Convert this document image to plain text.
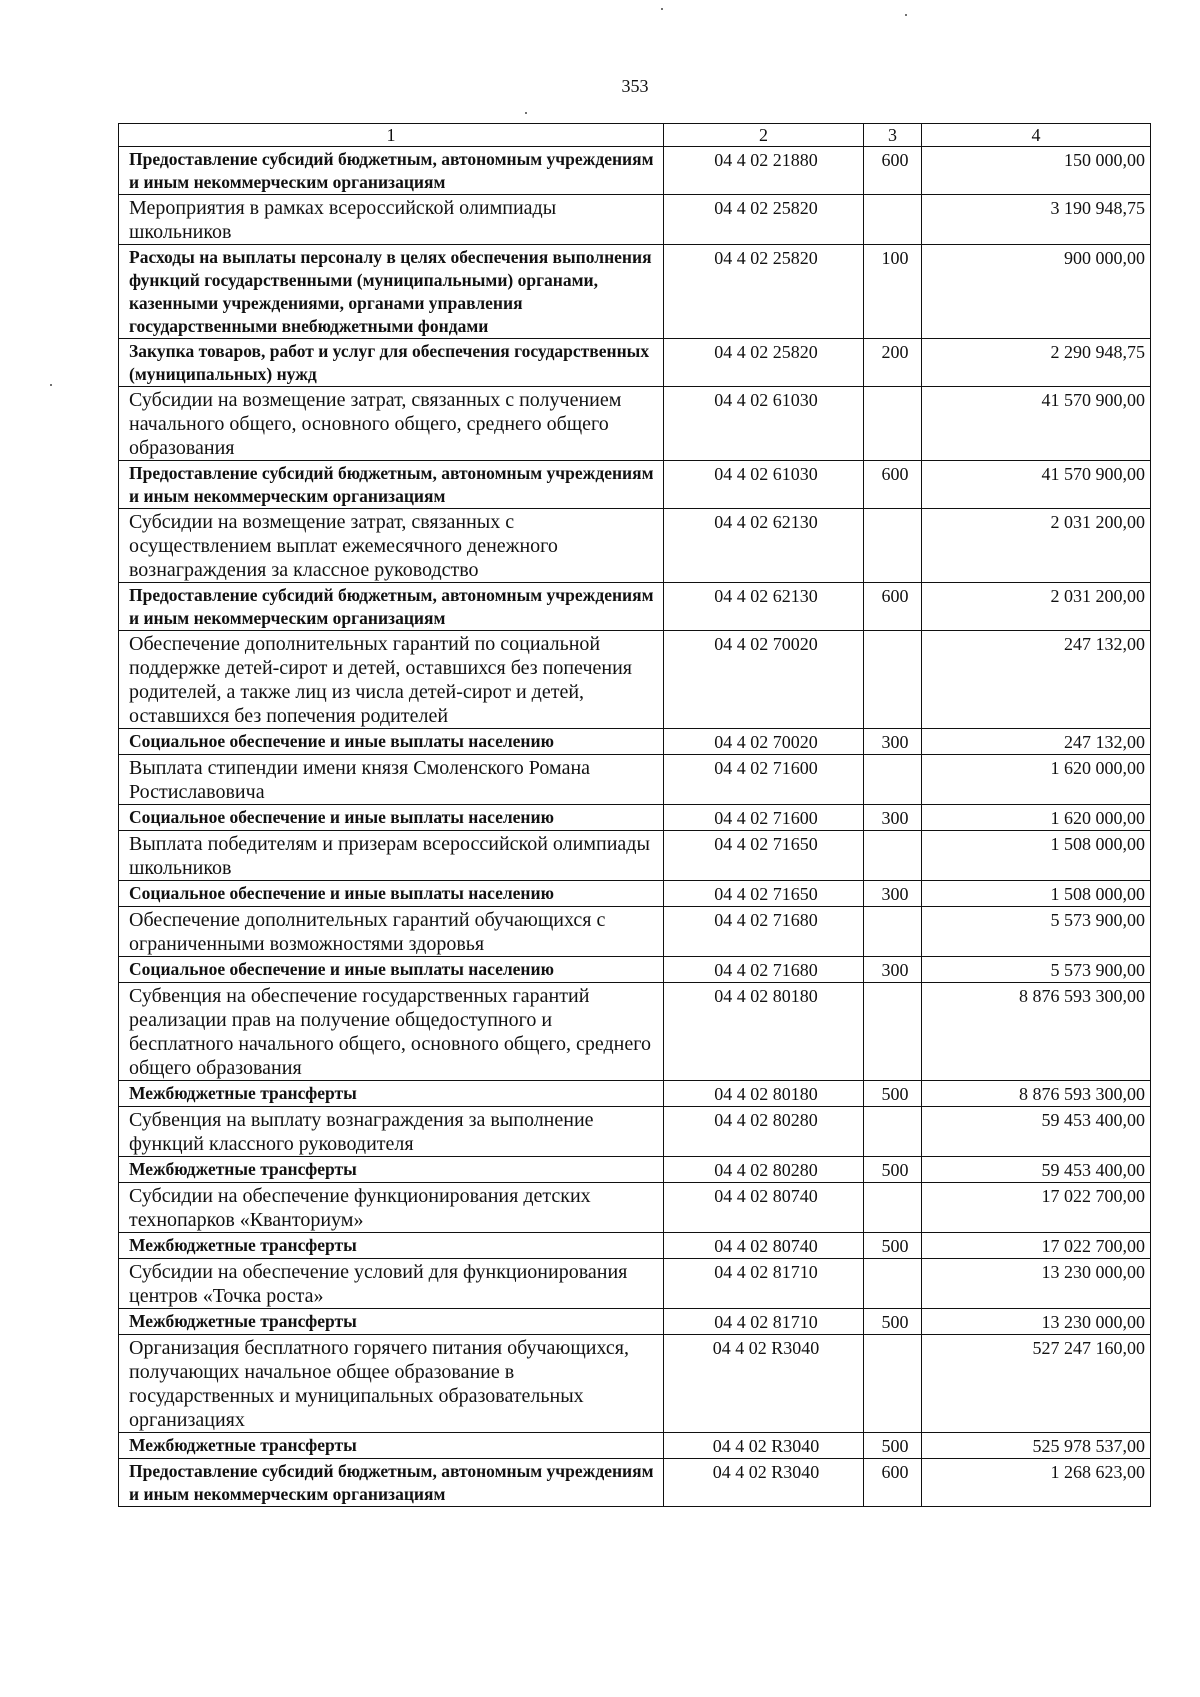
353
1	2	3	4
Предоставление субсидий бюджетным, автономным учреждениям и иным некоммерческим организациям	04 4 02 21880	600	150 000,00
Мероприятия в рамках всероссийской олимпиады школьников	04 4 02 25820		3 190 948,75
Расходы на выплаты персоналу в целях обеспечения выполнения функций государственными (муниципальными) органами, казенными учреждениями, органами управления государственными внебюджетными фондами	04 4 02 25820	100	900 000,00
Закупка товаров, работ и услуг для обеспечения государственных (муниципальных) нужд	04 4 02 25820	200	2 290 948,75
Субсидии на возмещение затрат, связанных с получением начального общего, основного общего, среднего общего образования	04 4 02 61030		41 570 900,00
Предоставление субсидий бюджетным, автономным учреждениям и иным некоммерческим организациям	04 4 02 61030	600	41 570 900,00
Субсидии на возмещение затрат, связанных с осуществлением выплат ежемесячного денежного вознаграждения за классное руководство	04 4 02 62130		2 031 200,00
Предоставление субсидий бюджетным, автономным учреждениям и иным некоммерческим организациям	04 4 02 62130	600	2 031 200,00
Обеспечение дополнительных гарантий по социальной поддержке детей-сирот и детей, оставшихся без попечения родителей, а также лиц из числа детей-сирот и детей, оставшихся без попечения родителей	04 4 02 70020		247 132,00
Социальное обеспечение и иные выплаты населению	04 4 02 70020	300	247 132,00
Выплата стипендии имени князя Смоленского Романа Ростиславовича	04 4 02 71600		1 620 000,00
Социальное обеспечение и иные выплаты населению	04 4 02 71600	300	1 620 000,00
Выплата победителям и призерам всероссийской олимпиады школьников	04 4 02 71650		1 508 000,00
Социальное обеспечение и иные выплаты населению	04 4 02 71650	300	1 508 000,00
Обеспечение дополнительных гарантий обучающихся с ограниченными возможностями здоровья	04 4 02 71680		5 573 900,00
Социальное обеспечение и иные выплаты населению	04 4 02 71680	300	5 573 900,00
Субвенция на обеспечение государственных гарантий реализации прав на получение общедоступного и бесплатного начального общего, основного общего, среднего общего образования	04 4 02 80180		8 876 593 300,00
Межбюджетные трансферты	04 4 02 80180	500	8 876 593 300,00
Субвенция на выплату вознаграждения за выполнение функций классного руководителя	04 4 02 80280		59 453 400,00
Межбюджетные трансферты	04 4 02 80280	500	59 453 400,00
Субсидии на обеспечение функционирования детских технопарков «Кванториум»	04 4 02 80740		17 022 700,00
Межбюджетные трансферты	04 4 02 80740	500	17 022 700,00
Субсидии на обеспечение условий для функционирования центров «Точка роста»	04 4 02 81710		13 230 000,00
Межбюджетные трансферты	04 4 02 81710	500	13 230 000,00
Организация бесплатного горячего питания обучающихся, получающих начальное общее образование в государственных и муниципальных образовательных организациях	04 4 02 R3040		527 247 160,00
Межбюджетные трансферты	04 4 02 R3040	500	525 978 537,00
Предоставление субсидий бюджетным, автономным учреждениям и иным некоммерческим организациям	04 4 02 R3040	600	1 268 623,00
